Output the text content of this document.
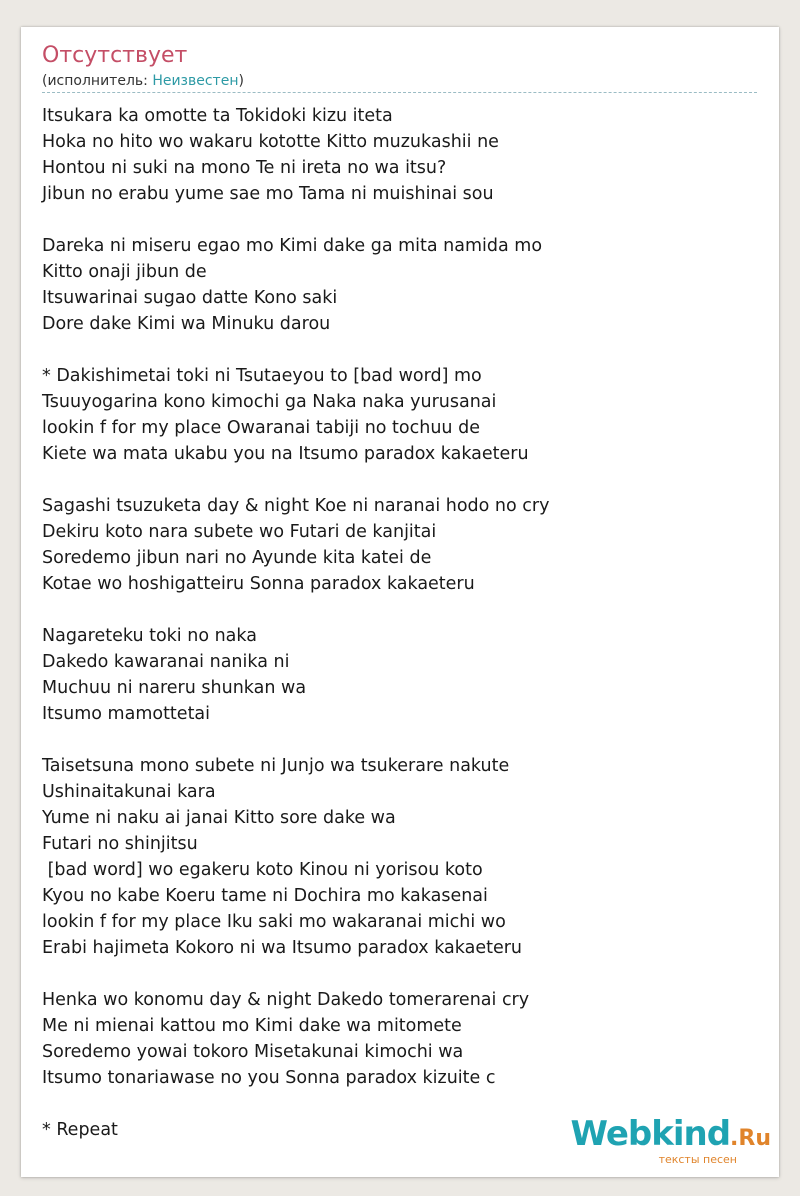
Отсутствует
(исполнитель: Неизвестен)
Itsukara ka omotte ta Tokidoki kizu iteta
Hoka no hito wo wakaru kototte Kitto muzukashii ne
Hontou ni suki na mono Te ni ireta no wa itsu?
Jibun no erabu yume sae mo Tama ni muishinai sou
Dareka ni miseru egao mo Kimi dake ga mita namida mo
Kitto onaji jibun de
Itsuwarinai sugao datte Kono saki
Dore dake Kimi wa Minuku darou
* Dakishimetai toki ni Tsutaeyou to [bad word] mo
Tsuuyogarina kono kimochi ga Naka naka yurusanai
lookin f for my place Owaranai tabiji no tochuu de
Kiete wa mata ukabu you na Itsumo paradox kakaeteru
Sagashi tsuzuketa day & night Koe ni naranai hodo no cry
Dekiru koto nara subete wo Futari de kanjitai
Soredemo jibun nari no Ayunde kita katei de
Kotae wo hoshigatteiru Sonna paradox kakaeteru
Nagareteku toki no naka
Dakedo kawaranai nanika ni
Muchuu ni nareru shunkan wa
Itsumo mamottetai
Taisetsuna mono subete ni Junjo wa tsukerare nakute
Ushinaitakunai kara
Yume ni naku ai janai Kitto sore dake wa
Futari no shinjitsu
[bad word] wo egakeru koto Kinou ni yorisou koto
Kyou no kabe Koeru tame ni Dochira mo kakasenai
lookin f for my place Iku saki mo wakaranai michi wo
Erabi hajimeta Kokoro ni wa Itsumo paradox kakaeteru
Henka wo konomu day & night Dakedo tomerarenai cry
Me ni mienai kattou mo Kimi dake wa mitomete
Soredemo yowai tokoro Misetakunai kimochi wa
Itsumo tonariawase no you Sonna paradox kizuite c
* Repeat	Webkind.Ru
тексты песен
